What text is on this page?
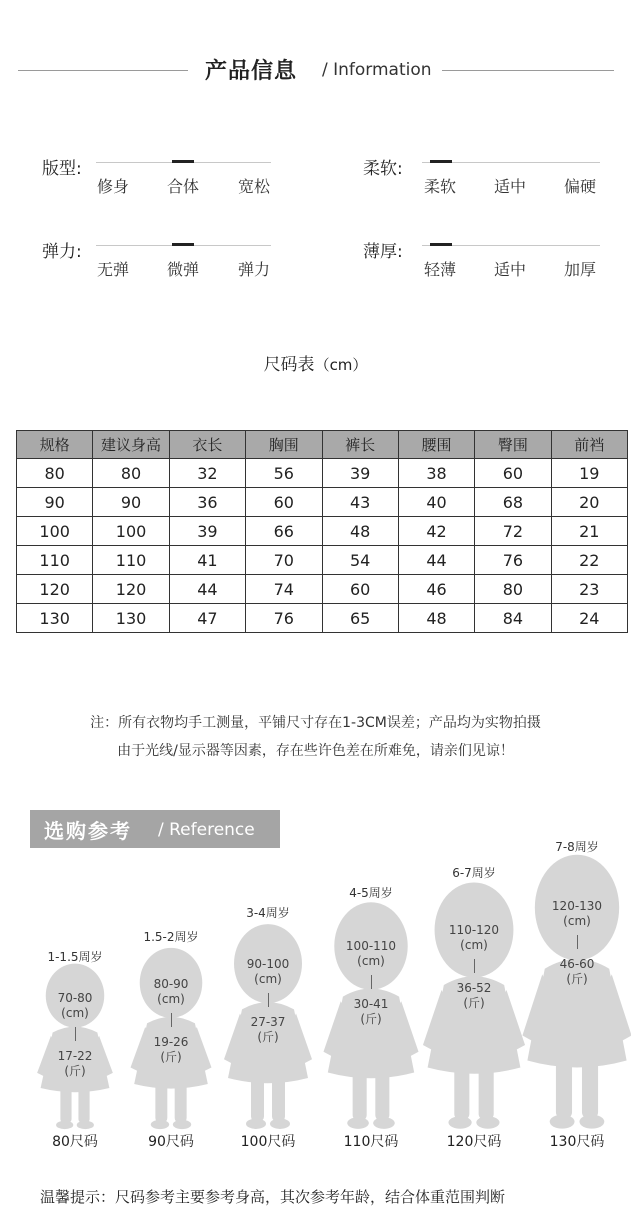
产品信息 / Information
版型:
修身 合体 宽松
柔软:
柔软 适中 偏硬
弹力:
无弹 微弹 弹力
薄厚:
轻薄 适中 加厚
尺码表（cm）
规格	建议身高	衣长	胸围	裤长	腰围	臀围	前裆
80	80	32	56	39	38	60	19
90	90	36	60	43	40	68	20
100	100	39	66	48	42	72	21
110	110	41	70	54	44	76	22
120	120	44	74	60	46	80	23
130	130	47	76	65	48	84	24
注：所有衣物均手工测量，平铺尺寸存在1-3CM误差；产品均为实物拍摄
由于光线/显示器等因素，存在些许色差在所难免，请亲们见谅！
选购参考 / Reference
70-80
(cm)
17-22
(斤)
1-1.5周岁
80尺码
80-90
(cm)
19-26
(斤)
1.5-2周岁
90尺码
90-100
(cm)
27-37
(斤)
3-4周岁
100尺码
100-110
(cm)
30-41
(斤)
4-5周岁
110尺码
110-120
(cm)
36-52
(斤)
6-7周岁
120尺码
120-130
(cm)
46-60
(斤)
7-8周岁
130尺码
温馨提示：尺码参考主要参考身高，其次参考年龄，结合体重范围判断
